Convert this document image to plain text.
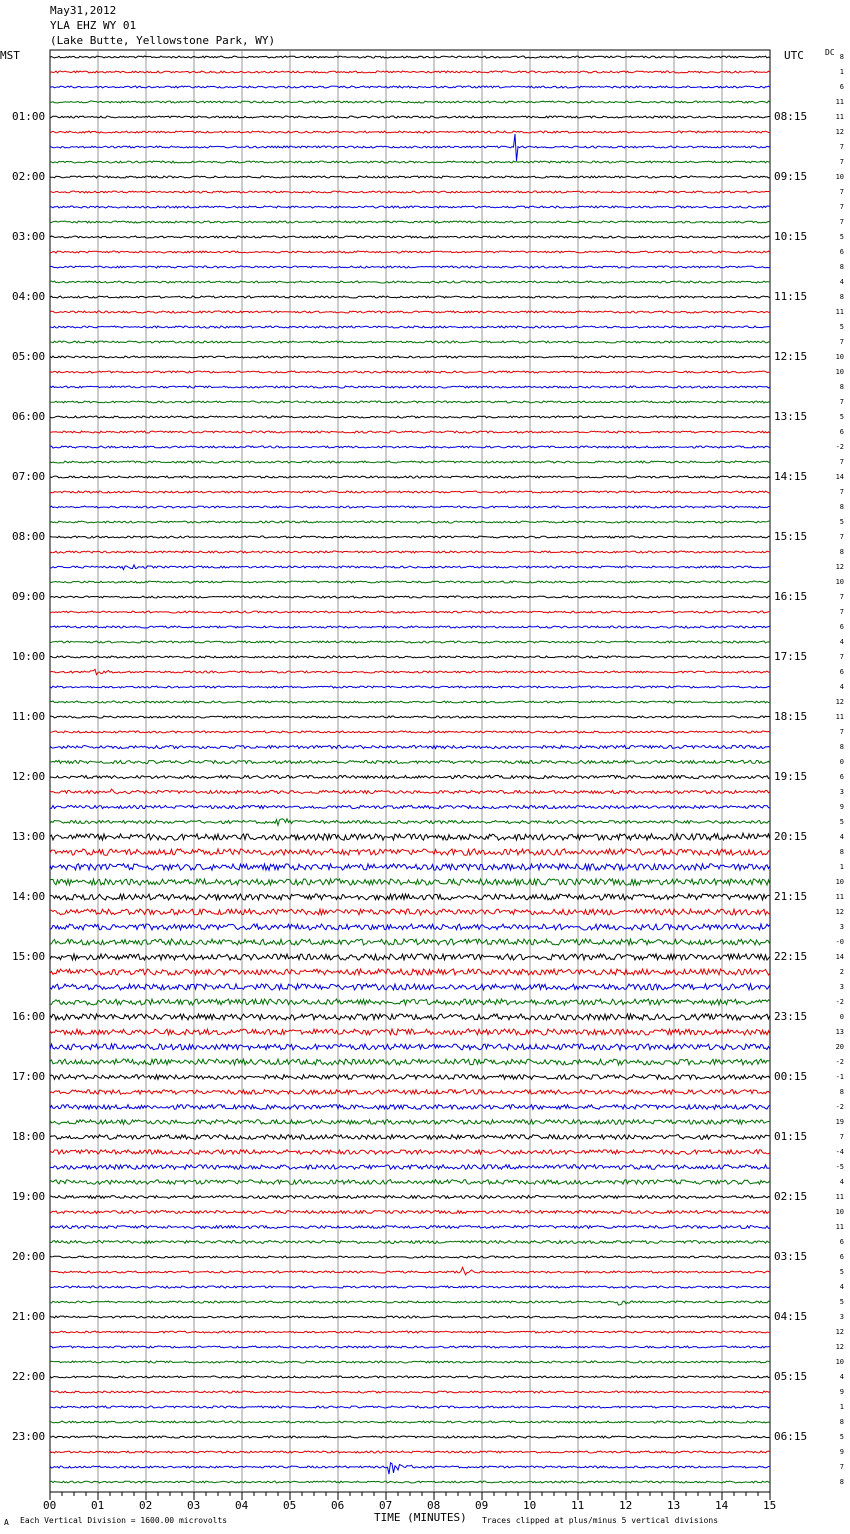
May31,2012
YLA EHZ WY 01
(Lake Butte, Yellowstone Park, WY)
MST	UTC	DC 8
1
6
11
11
12
7
7
10
7
7
7
5
6
8
4
8
11
5
7
10
10
8
7
5
6
-2
7
14
7
8
5
7
8
12
10
7
7
6
4
7
6
4
12
11
7
8
0
6
3
9
5
4
8
1
10
11
12
3
-0
14
2
3
-2
0
13
20
-2
-1
8
-2
19
7
-4
-5
4
11
10
11
6
6
5
4
5
3
12
12
10
4
9
1
8
5
9
7
8
01:00	08:15
02:00	09:15
03:00	10:15
04:00	11:15
05:00	12:15
06:00	13:15
07:00	14:15
08:00	15:15
09:00	16:15
10:00	17:15
11:00	18:15
12:00	19:15
13:00	20:15
14:00	21:15
15:00	22:15
16:00	23:15
17:00	00:15
18:00	01:15
19:00	02:15
20:00	03:15
21:00	04:15
22:00	05:15
23:00	06:15
00	01	02	03	04	05	06	07	08	09	10	11	12	13	14	15
TIME (MINUTES)
A Each Vertical Division = 1600.00 microvolts	Traces clipped at plus/minus 5 vertical divisions
